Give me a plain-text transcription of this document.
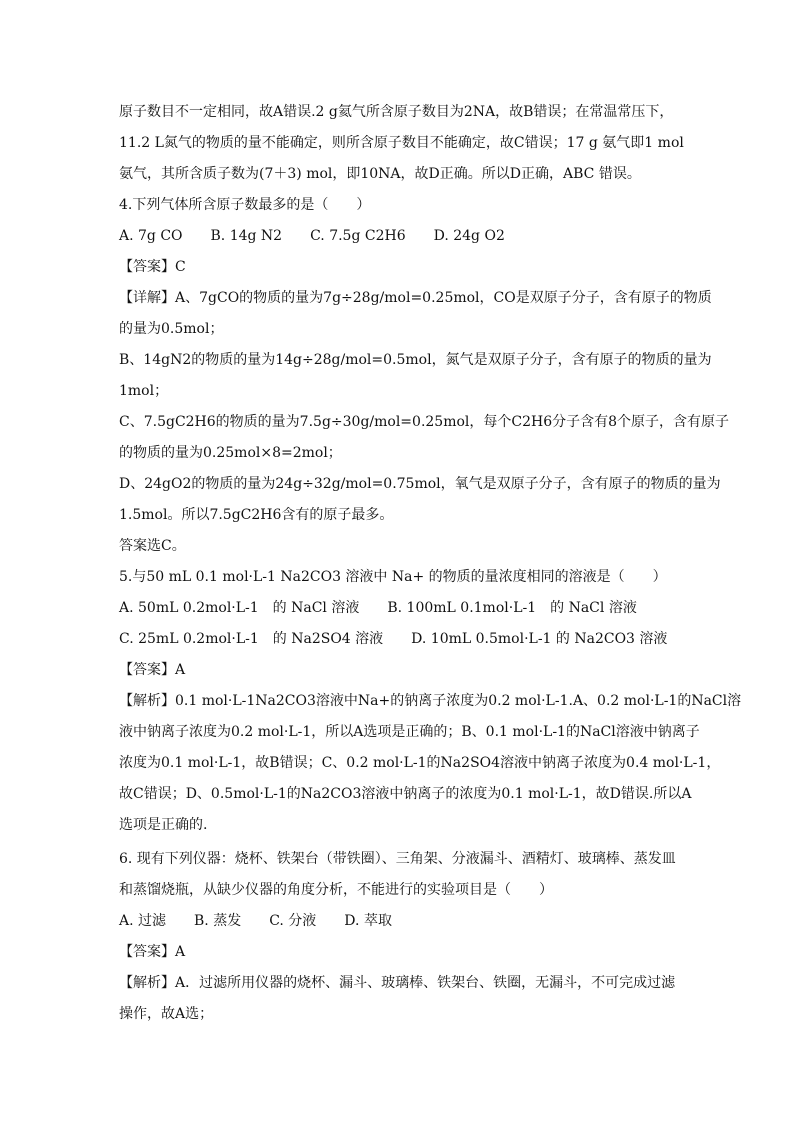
原子数目不一定相同，故A错误.2 g氦气所含原子数目为2NA，故B错误；在常温常压下，
11.2 L氮气的物质的量不能确定，则所含原子数目不能确定，故C错误；17 g 氨气即1 mol
氨气，其所含质子数为(7＋3) mol，即10NA，故D正确。所以D正确，ABC 错误。
4.下列气体所含原子数最多的是（　　）
A. 7g CO　　B. 14g N2　　C. 7.5g C2H6　　D. 24g O2
【答案】C
【详解】A、7gCO的物质的量为7g÷28g/mol=0.25mol，CO是双原子分子，含有原子的物质
的量为0.5mol；
B、14gN2的物质的量为14g÷28g/mol=0.5mol，氮气是双原子分子，含有原子的物质的量为
1mol；
C、7.5gC2H6的物质的量为7.5g÷30g/mol=0.25mol，每个C2H6分子含有8个原子，含有原子
的物质的量为0.25mol×8=2mol；
D、24gO2的物质的量为24g÷32g/mol=0.75mol，氧气是双原子分子，含有原子的物质的量为
1.5mol。所以7.5gC2H6含有的原子最多。
答案选C。
5.与50 mL 0.1 mol·L-1 Na2CO3 溶液中 Na+ 的物质的量浓度相同的溶液是（　　）
A. 50mL 0.2mol·L-1　的 NaCl 溶液　　B. 100mL 0.1mol·L-1　的 NaCl 溶液
C. 25mL 0.2mol·L-1　的 Na2SO4 溶液　　D. 10mL 0.5mol·L-1 的 Na2CO3 溶液
【答案】A
【解析】0.1 mol·L-1Na2CO3溶液中Na+的钠离子浓度为0.2 mol·L-1.A、0.2 mol·L-1的NaCl溶
液中钠离子浓度为0.2 mol·L-1，所以A选项是正确的；B、0.1 mol·L-1的NaCl溶液中钠离子
浓度为0.1 mol·L-1，故B错误；C、0.2 mol·L-1的Na2SO4溶液中钠离子浓度为0.4 mol·L-1，
故C错误；D、0.5mol·L-1的Na2CO3溶液中钠离子的浓度为0.1 mol·L-1，故D错误.所以A
选项是正确的.
6. 现有下列仪器：烧杯、铁架台（带铁圈）、三角架、分液漏斗、酒精灯、玻璃棒、蒸发皿
和蒸馏烧瓶，从缺少仪器的角度分析，不能进行的实验项目是（　　）
A. 过滤　　B. 蒸发　　C. 分液　　D. 萃取
【答案】A
【解析】A．过滤所用仪器的烧杯、漏斗、玻璃棒、铁架台、铁圈，无漏斗，不可完成过滤
操作，故A选；
